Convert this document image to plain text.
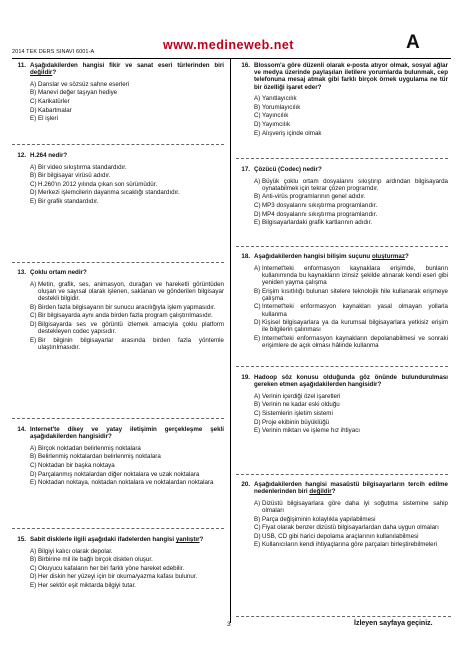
2014 TEK DERS SINAVI 6001-A	www.medineweb.net	A
11. Aşağıdakilerden hangisi fikir ve sanat eseri türlerinden biri değildir?
A) Danslar ve sözsüz sahne eserleri
B) Manevi değer taşıyan hediye
C) Karikatürler
D) Kabartmalar
E) El işleri
12. H.264 nedir?
A) Bir video sıkıştırma standardıdır.
B) Bir bilgisayar virüsü adıdır.
C) H.260'ın 2012 yılında çıkan son sürümüdür.
D) Merkezi işlemcilerin dayanma sıcaklığı standardıdır.
E) Bir grafik standardıdır.
13. Çoklu ortam nedir?
A) Metin, grafik, ses, animasyon, durağan ve hareketli görüntüden oluşan ve sayısal olarak işlenen, saklanan ve gönderilen bilgisayar destekli bilgidir.
B) Birden fazla bilgisayarın bir sunucu aracılığıyla işlem yapmasıdır.
C) Bir bilgisayarda aynı anda birden fazla program çalıştırılmasıdır.
D) Bilgisayarda ses ve görüntü izlemek amacıyla çoklu platform destekleyen codec yapısıdır.
E) Bir bilginin bilgisayarlar arasında birden fazla yöntemle ulaştırılmasıdır.
14. Internet'te dikey ve yatay iletişimin gerçekleşme şekli aşağıdakilerden hangisidir?
A) Birçok noktadan belirlenmiş noktalara
B) Belirlenmiş noktalardan belirlenmiş noktalara
C) Noktadan bir başka noktaya
D) Parçalanmış noktalardan diğer noktalara ve uzak noktalara
E) Noktadan noktaya, noktadan noktalara ve noktalardan noktalara
15. Sabit disklerle ilgili aşağıdaki ifadelerden hangisi yanlıştır?
A) Bilgiyi kalıcı olarak depolar.
B) Birbirine mil ile bağlı birçok diskten oluşur.
C) Okuyucu kafaların her biri farklı yöne hareket edebilir.
D) Her diskin her yüzeyi için bir okuma/yazma kafası bulunur.
E) Her sektör eşit miktarda bilgiyi tutar.
16. Blossom'a göre düzenli olarak e-posta atıyor olmak, sosyal ağlar ve medya üzerinde paylaşılan iletilere yorumlarda bulunmak, cep telefonuna mesaj atmak gibi farklı birçok örnek uygulama ne tür bir özelliği işaret eder?
A) Yanıtlayıcılık
B) Yorumlayıcılık
C) Yayıncılık
D) Yayımcılık
E) Alışveriş içinde olmak
17. Çözücü (Codec) nedir?
A) Büyük çoklu ortam dosyalarını sıkıştırıp ardından bilgisayarda oynatabilmek için tekrar çözen programdır.
B) Anti-virüs programlarının genel adıdır.
C) MP3 dosyalarını sıkıştırma programlarıdır.
D) MP4 dosyalarını sıkıştırma programlarıdır.
E) Bilgisayarlardaki grafik kartlarının adıdır.
18. Aşağıdakilerden hangisi bilişim suçunu oluşturmaz?
A) Internet'teki enformasyon kaynaklara erişimde, bunların kullanımında bu kaynakların izinsiz şekilde alınarak kendi eseri gibi yeniden yayma çalışma
B) Erişim kısıtlılığı bulunan sitelere teknolojik hile kullanarak erişmeye çalışma
C) Internet'teki enformasyon kaynakları yasal olmayan yollarla kullanma
D) Kişisel bilgisayarlara ya da kurumsal bilgisayarlara yetkisiz erişim ile bilgilerin çalınması
E) Internet'teki enformasyon kaynakların depolanabilmesi ve sonraki erişimlere de açık olması hâlinde kullanma
19. Hadoop söz konusu olduğunda göz önünde bulundurulması gereken etmen aşağıdakilerden hangisidir?
A) Verinin içerdiği özel işaretleri
B) Verinin ne kadar eski olduğu
C) Sistemlerin işletim sistemi
D) Proje ekibinin büyüklüğü
E) Verinin miktarı ve işleme hız ihtiyacı
20. Aşağıdakilerden hangisi masaüstü bilgisayarların tercih edilme nedenlerinden biri değildir?
A) Dizüstü bilgisayarlara göre daha iyi soğutma sistemine sahip olmaları
B) Parça değişiminin kolaylıkla yapılabilmesi
C) Fiyat olarak benzer dizüstü bilgisayarlardan daha uygun olmaları
D) USB, CD gibi harici depolama araçlarının kullanılabilmesi
E) Kullanıcıların kendi ihtiyaçlarına göre parçaları birleştirebilmeleri
3	İzleyen sayfaya geçiniz.
